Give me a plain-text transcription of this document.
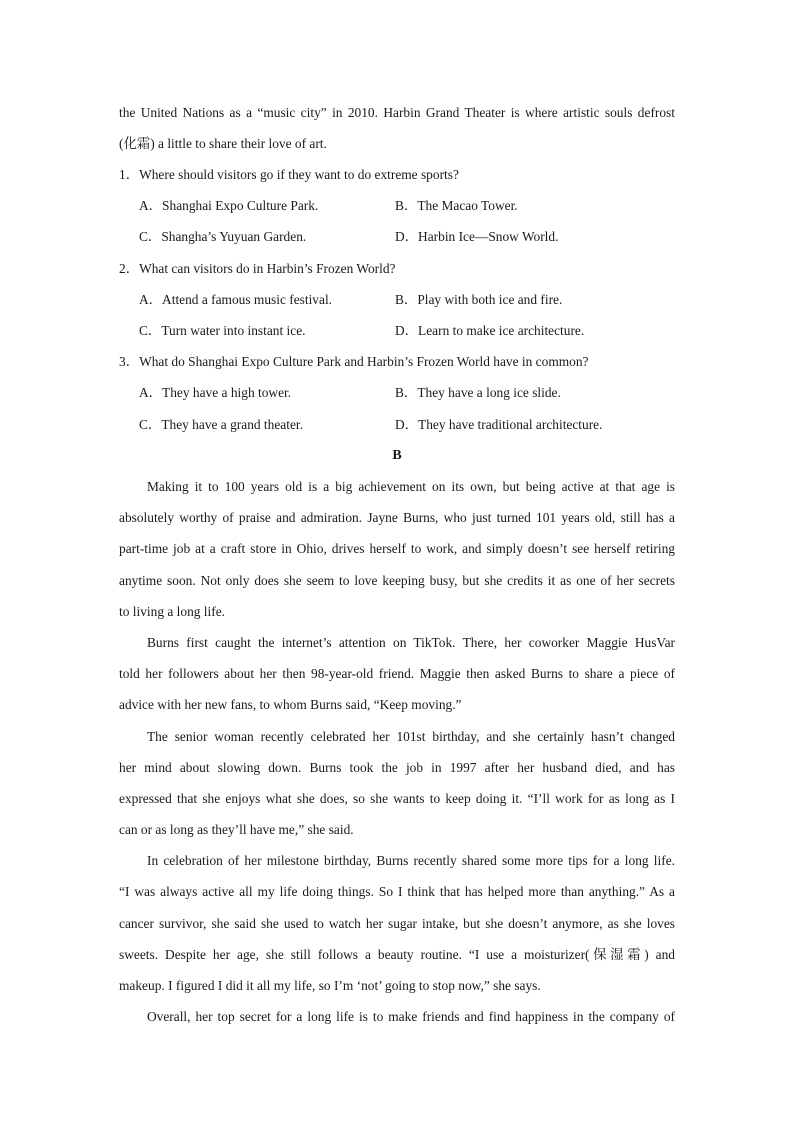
the United Nations as a “music city” in 2010. Harbin Grand Theater is where artistic souls defrost
(化霜) a little to share their love of art.
1．Where should visitors go if they want to do extreme sports?
A．Shanghai Expo Culture Park.	B．The Macao Tower.
C．Shangha’s Yuyuan Garden.	D．Harbin Ice—Snow World.
2．What can visitors do in Harbin’s Frozen World?
A．Attend a famous music festival.	B．Play with both ice and fire.
C．Turn water into instant ice.	D．Learn to make ice architecture.
3．What do Shanghai Expo Culture Park and Harbin’s Frozen World have in common?
A．They have a high tower.	B．They have a long ice slide.
C．They have a grand theater.	D．They have traditional architecture.
B
Making it to 100 years old is a big achievement on its own, but being active at that age is
absolutely worthy of praise and admiration. Jayne Burns, who just turned 101 years old, still has a
part-time job at a craft store in Ohio, drives herself to work, and simply doesn’t see herself retiring
anytime soon. Not only does she seem to love keeping busy, but she credits it as one of her secrets
to living a long life.
Burns first caught the internet’s attention on TikTok. There, her coworker Maggie HusVar
told her followers about her then 98-year-old friend. Maggie then asked Burns to share a piece of
advice with her new fans, to whom Burns said, “Keep moving.”
The senior woman recently celebrated her 101st birthday, and she certainly hasn’t changed
her mind about slowing down. Burns took the job in 1997 after her husband died, and has
expressed that she enjoys what she does, so she wants to keep doing it. “I’ll work for as long as I
can or as long as they’ll have me,” she said.
In celebration of her milestone birthday, Burns recently shared some more tips for a long life.
“I was always active all my life doing things. So I think that has helped more than anything.” As a
cancer survivor, she said she used to watch her sugar intake, but she doesn’t anymore, as she loves
sweets. Despite her age, she still follows a beauty routine. “I use a moisturizer(保湿霜) and
makeup. I figured I did it all my life, so I’m ‘not’ going to stop now,” she says.
Overall, her top secret for a long life is to make friends and find happiness in the company of
